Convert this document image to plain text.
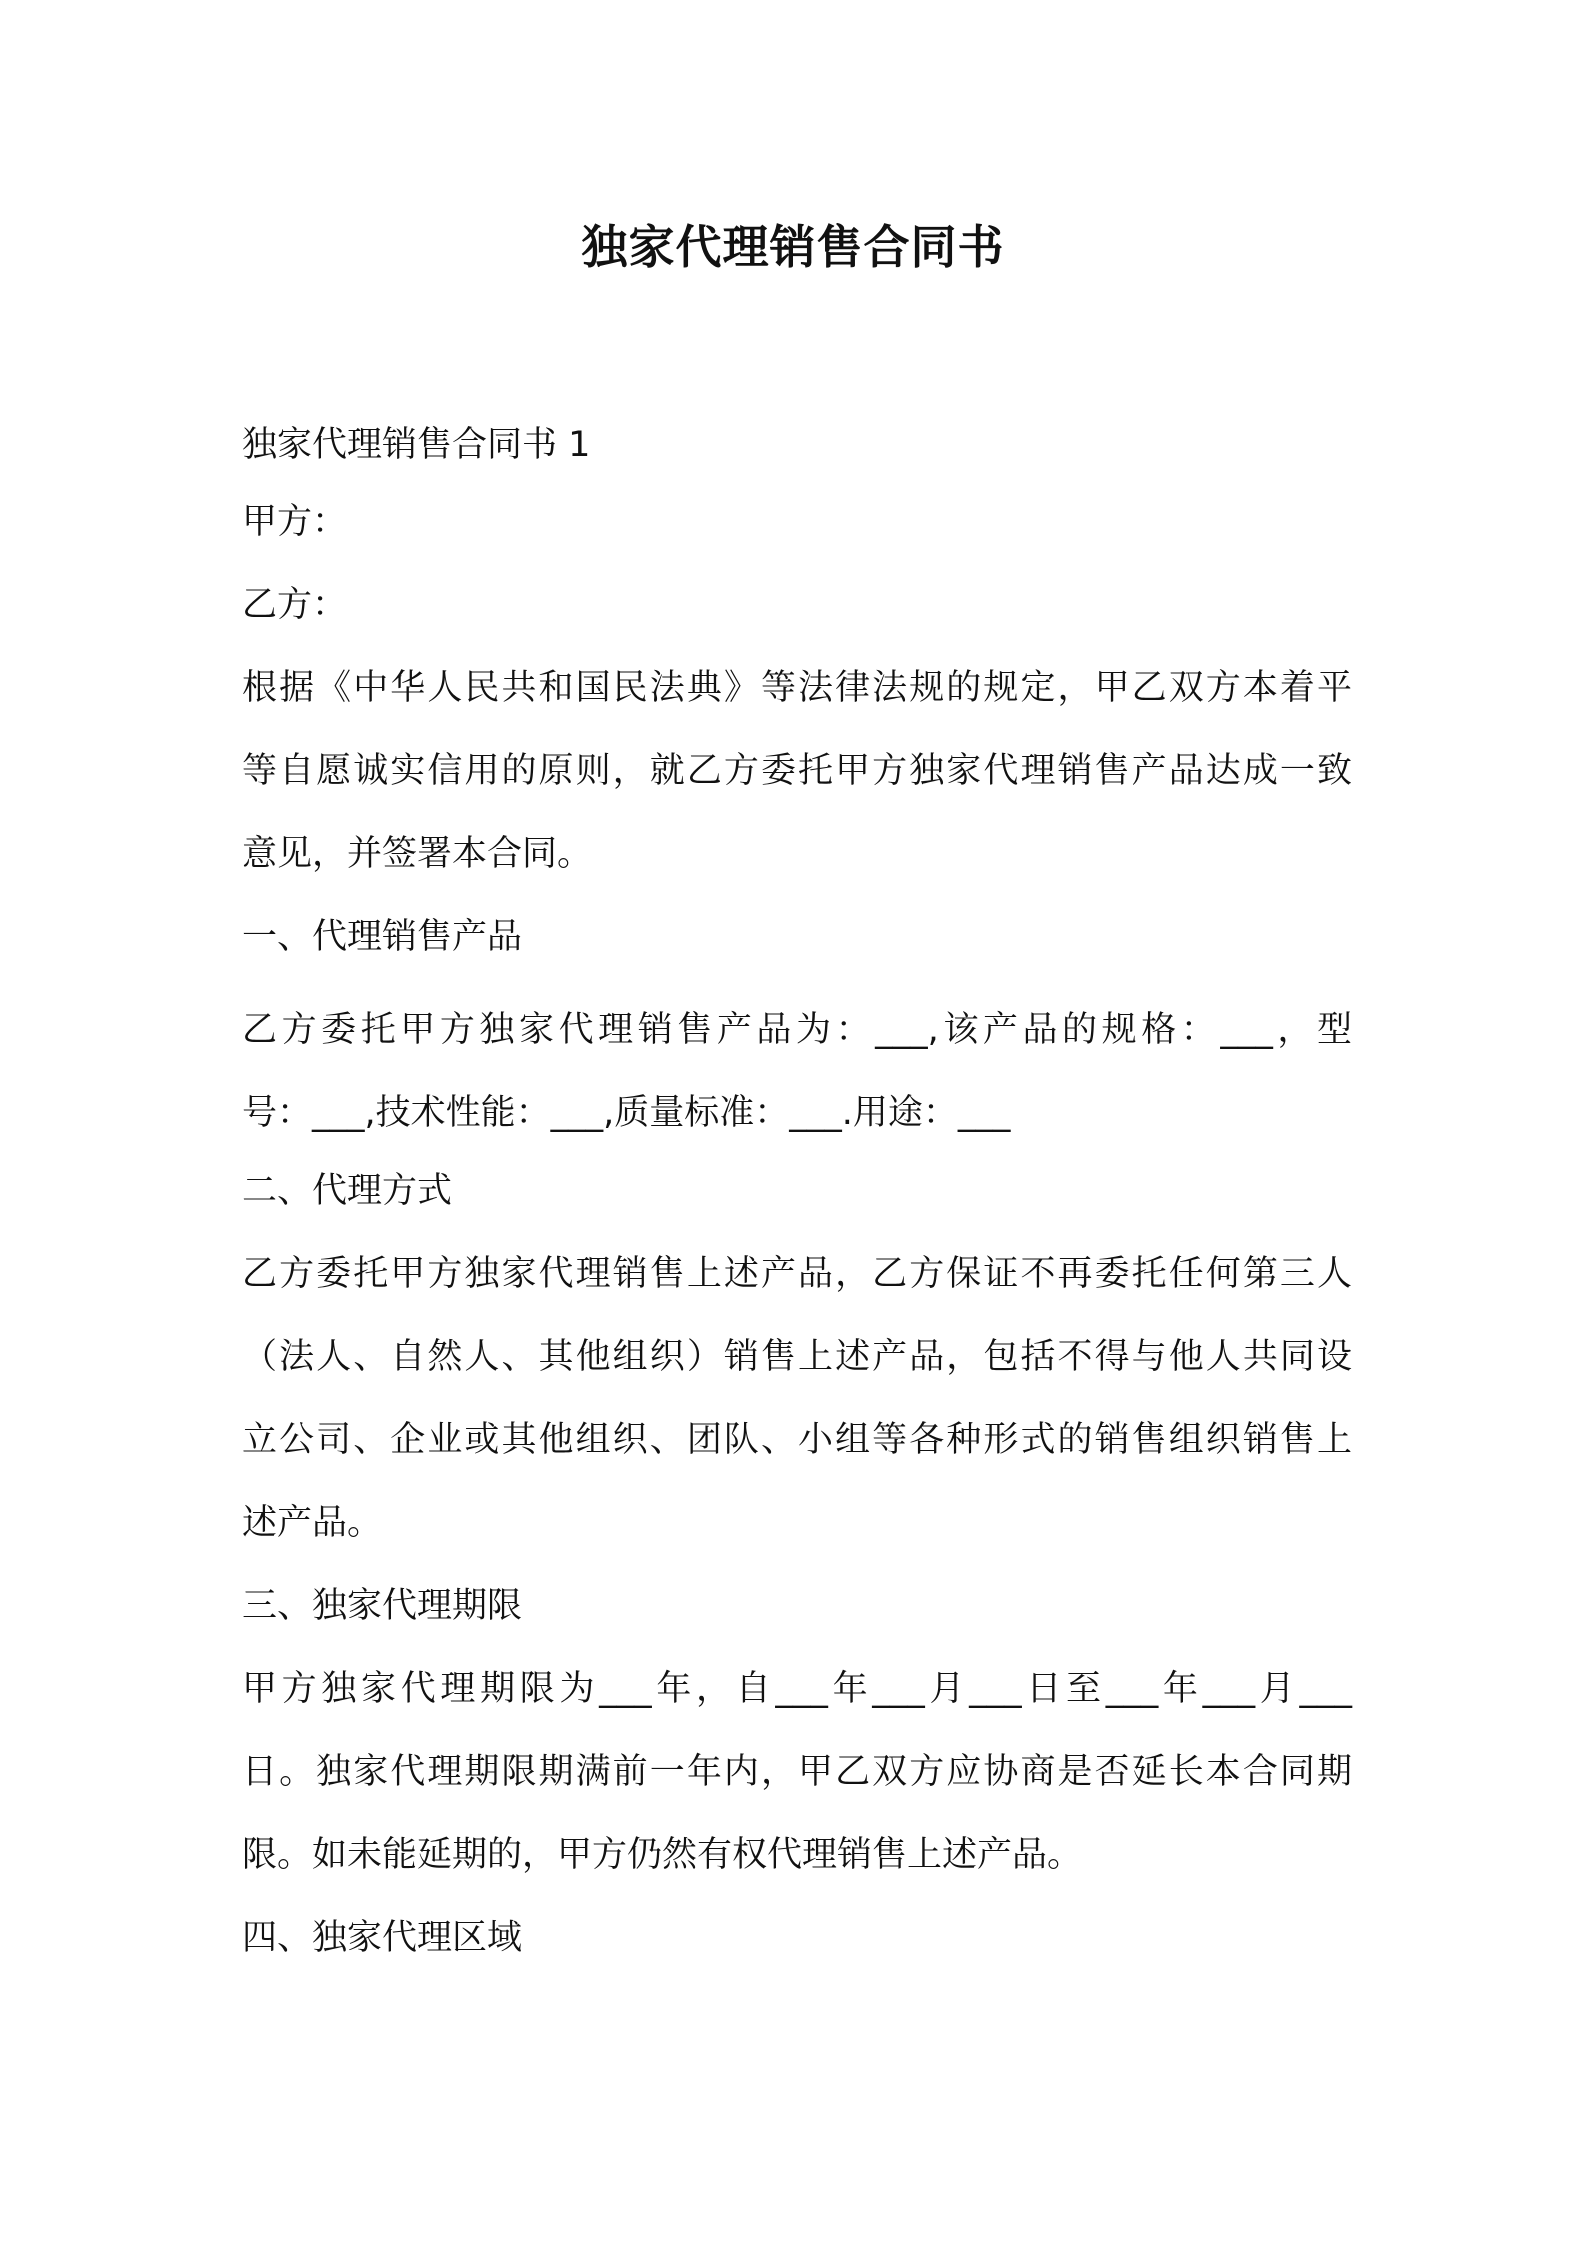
独家代理销售合同书
独家代理销售合同书 1
甲方：
乙方：
根据《中华人民共和国民法典》等法律法规的规定，甲乙双方本着平
等自愿诚实信用的原则，就乙方委托甲方独家代理销售产品达成一致
意见，并签署本合同。
一、代理销售产品
乙方委托甲方独家代理销售产品为：___,该产品的规格：___，型
号：___,技术性能：___,质量标准：___.用途：___
二、代理方式
乙方委托甲方独家代理销售上述产品，乙方保证不再委托任何第三人
（法人、自然人、其他组织）销售上述产品，包括不得与他人共同设
立公司、企业或其他组织、团队、小组等各种形式的销售组织销售上
述产品。
三、独家代理期限
甲方独家代理期限为___年，自___年___月___日至___年___月___
日。独家代理期限期满前一年内，甲乙双方应协商是否延长本合同期
限。如未能延期的，甲方仍然有权代理销售上述产品。
四、独家代理区域
